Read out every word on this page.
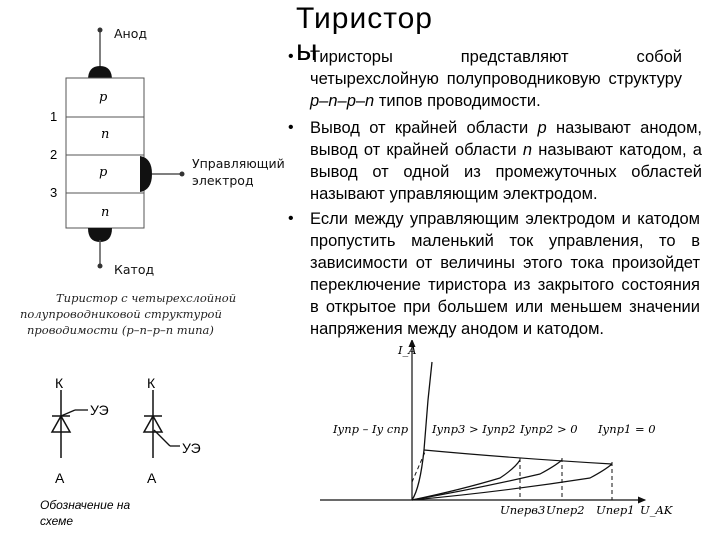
Тиристор
ы
• Тиристоры представляют собой четырехслойную полупроводниковую структуру p–n–p–n типов проводимости.
• Вывод от крайней области p называют анодом, вывод от крайней области n называют катодом, а вывод от одной из промежуточных областей называют управляющим электродом.
• Если между управляющим электродом и катодом пропустить маленький ток управления, то в зависимости от величины этого тока произойдет переключение тиристора из закрытого состояния в открытое при большем или меньшем значении напряжения между анодом и катодом.
Анод
Катод
Управляющий
электрод
p
n
p
n
1
2
3
Тиристор с четырехслойной
полупроводниковой структурой
проводимости (p–n–p–n типа)
К
А
УЭ
К
А
УЭ
Обозначение на
схеме
I_A
U_AK
Iупр – Iу спр Iупр3 > Iупр2 Iупр2 > 0 Iупр1 = 0
Uперв3 Uпер2 Uпер1
